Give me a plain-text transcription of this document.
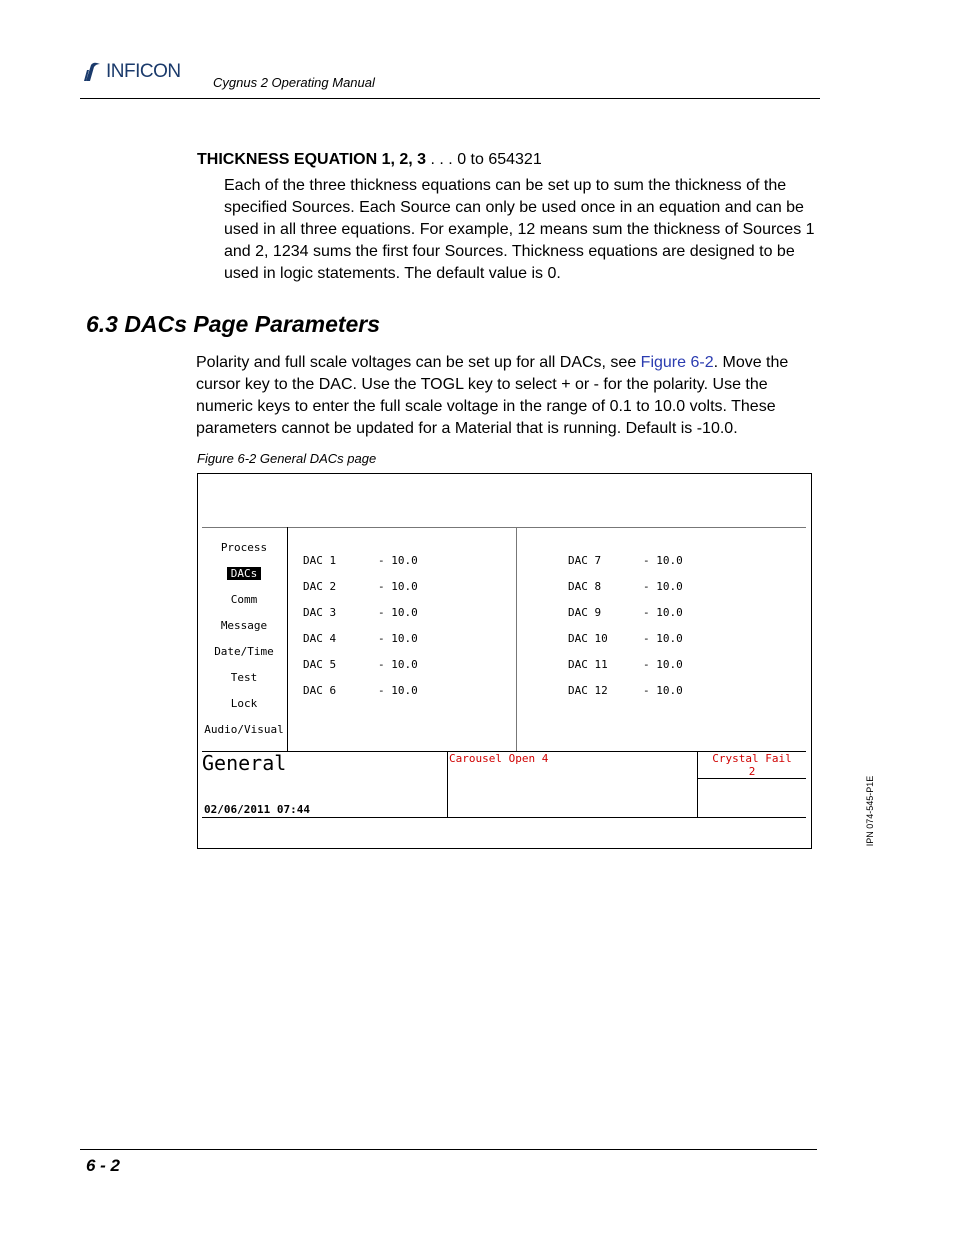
INFICON
Cygnus 2 Operating Manual
THICKNESS EQUATION 1, 2, 3 . . . 0 to 654321
Each of the three thickness equations can be set up to sum the thickness of the specified Sources. Each Source can only be used once in an equation and can be used in all three equations. For example, 12 means sum the thickness of Sources 1 and 2, 1234 sums the first four Sources. Thickness equations are designed to be used in logic statements. The default value is 0.
6.3 DACs Page Parameters
Polarity and full scale voltages can be set up for all DACs, see Figure 6-2. Move the cursor key to the DAC. Use the TOGL key to select + or - for the polarity. Use the numeric keys to enter the full scale voltage in the range of 0.1 to 10.0 volts. These parameters cannot be updated for a Material that is running. Default is -10.0.
Figure 6-2 General DACs page
Process
DACs
Comm
Message
Date/Time
Test
Lock
Audio/Visual
DAC 1	- 10.0
DAC 2	- 10.0
DAC 3	- 10.0
DAC 4	- 10.0
DAC 5	- 10.0
DAC 6	- 10.0
DAC 7	- 10.0
DAC 8	- 10.0
DAC 9	- 10.0
DAC 10	- 10.0
DAC 11	- 10.0
DAC 12	- 10.0
General
02/06/2011 07:44
Carousel Open 4	Crystal Fail
2
6 - 2
IPN 074-545-P1E
